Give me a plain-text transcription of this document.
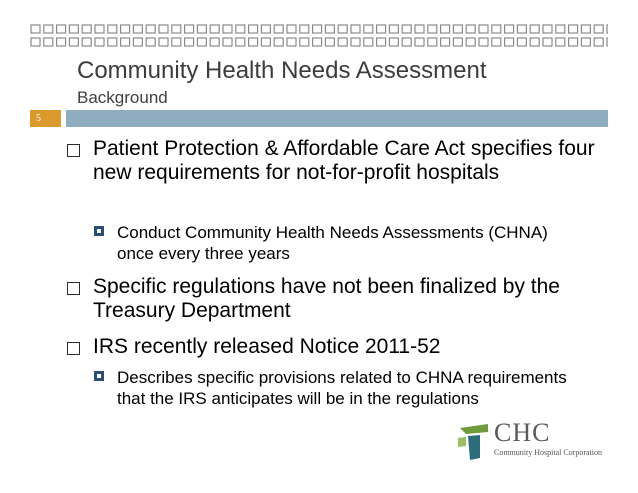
Community Health Needs Assessment
Background
5
Patient Protection & Affordable Care Act specifies four new requirements for not-for-profit hospitals
Conduct Community Health Needs Assessments (CHNA) once every three years
Specific regulations have not been finalized by the Treasury Department
IRS recently released Notice 2011-52
Describes specific provisions related to CHNA requirements that the IRS anticipates will be in the regulations
CHC
Community Hospital Corporation
